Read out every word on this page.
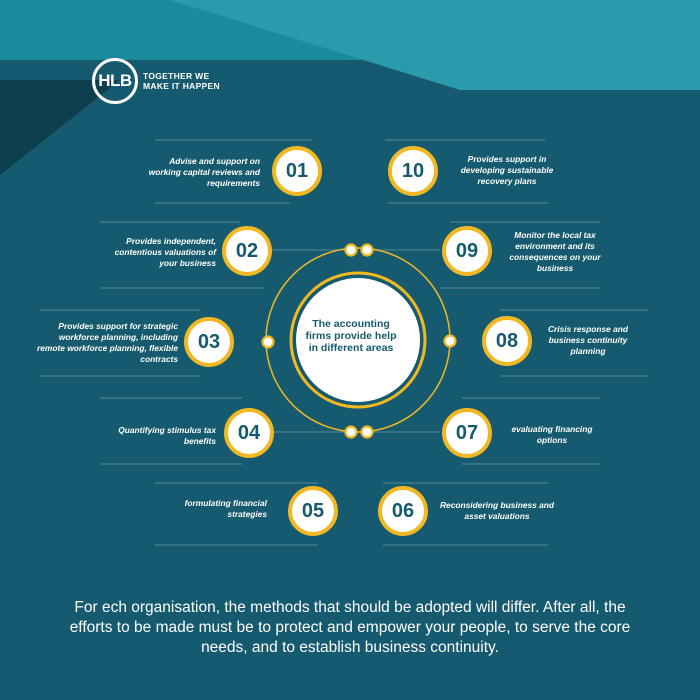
HLB	TOGETHER WE
MAKE IT HAPPEN
Advise and support on working capital reviews and requirements
Provides independent, contentious valuations of your business
Provides support for strategic workforce planning, including remote workforce planning, flexible contracts
Quantifying stimulus tax benefits
formulating financial strategies
Reconsidering business and asset valuations
evaluating financing options
Crisis response and business continuity planning
Monitor the local tax environment and its consequences on your business
Provides support in developing sustainable recovery plans
01
02
03
04
05	06
07
08
09
10
The accounting firms provide help in different areas
For ech organisation, the methods that should be adopted will differ. After all, the efforts to be made must be to protect and empower your people, to serve the core needs, and to establish business continuity.
